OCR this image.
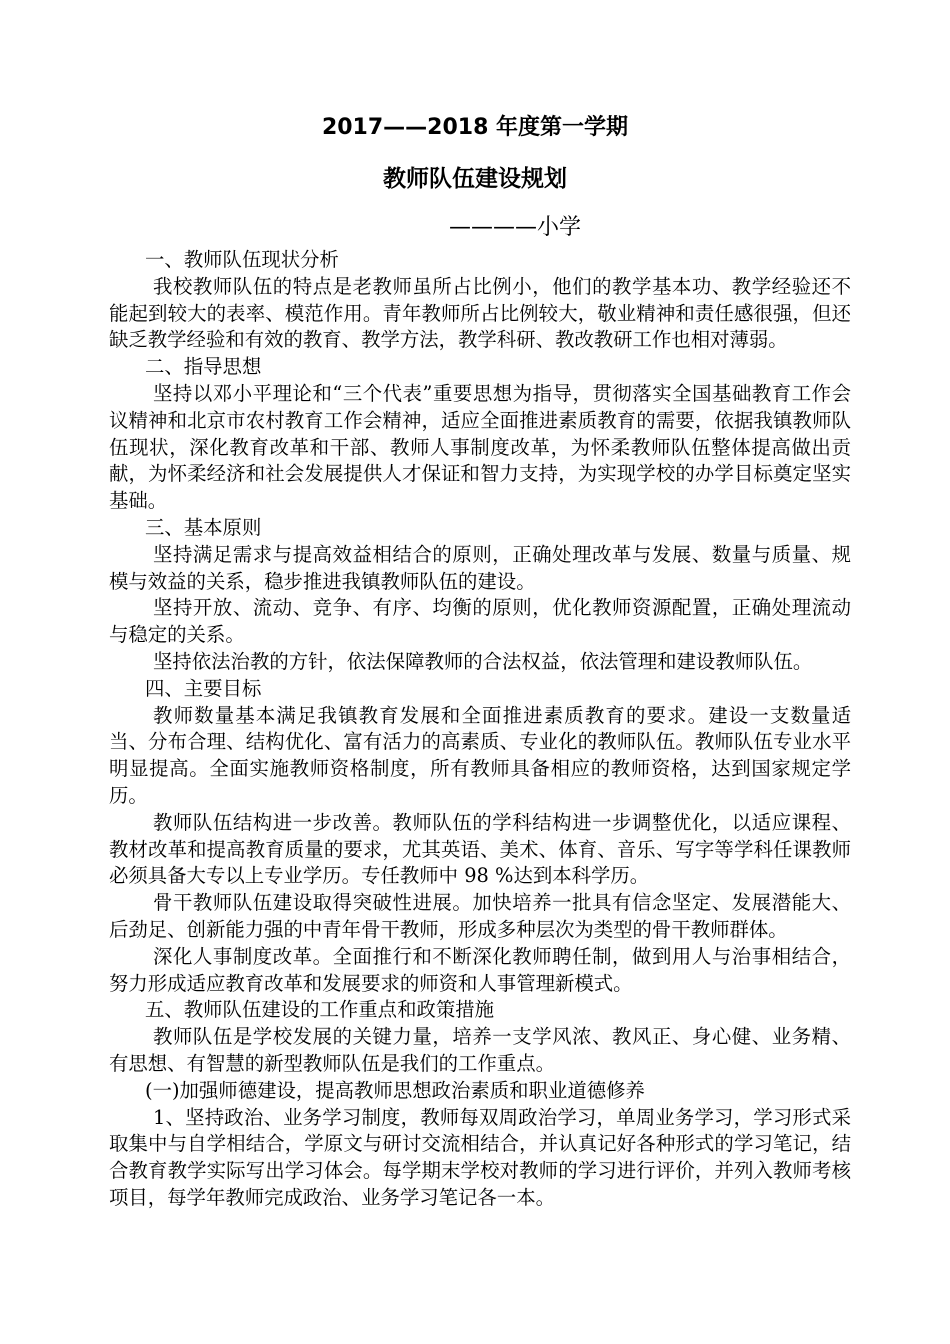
2017——2018 年度第一学期
教师队伍建设规划
————小学

一、教师队伍现状分析

我校教师队伍的特点是老教师虽所占比例小，他们的教学基本功、教学经验还不能起到较大的表率、模范作用。青年教师所占比例较大，敬业精神和责任感很强，但还缺乏教学经验和有效的教育、教学方法，教学科研、教改教研工作也相对薄弱。

二、指导思想

坚持以邓小平理论和“三个代表”重要思想为指导，贯彻落实全国基础教育工作会议精神和北京市农村教育工作会精神，适应全面推进素质教育的需要，依据我镇教师队伍现状，深化教育改革和干部、教师人事制度改革，为怀柔教师队伍整体提高做出贡献，为怀柔经济和社会发展提供人才保证和智力支持，为实现学校的办学目标奠定坚实基础。

三、基本原则

坚持满足需求与提高效益相结合的原则，正确处理改革与发展、数量与质量、规模与效益的关系，稳步推进我镇教师队伍的建设。

坚持开放、流动、竞争、有序、均衡的原则，优化教师资源配置，正确处理流动与稳定的关系。

坚持依法治教的方针，依法保障教师的合法权益，依法管理和建设教师队伍。

四、主要目标

教师数量基本满足我镇教育发展和全面推进素质教育的要求。建设一支数量适当、分布合理、结构优化、富有活力的高素质、专业化的教师队伍。教师队伍专业水平明显提高。全面实施教师资格制度，所有教师具备相应的教师资格，达到国家规定学历。

教师队伍结构进一步改善。教师队伍的学科结构进一步调整优化，以适应课程、教材改革和提高教育质量的要求，尤其英语、美术、体育、音乐、写字等学科任课教师必须具备大专以上专业学历。专任教师中 98 %达到本科学历。

骨干教师队伍建设取得突破性进展。加快培养一批具有信念坚定、发展潜能大、后劲足、创新能力强的中青年骨干教师，形成多种层次为类型的骨干教师群体。

深化人事制度改革。全面推行和不断深化教师聘任制，做到用人与治事相结合，努力形成适应教育改革和发展要求的师资和人事管理新模式。

五、教师队伍建设的工作重点和政策措施

教师队伍是学校发展的关键力量，培养一支学风浓、教风正、身心健、业务精、有思想、有智慧的新型教师队伍是我们的工作重点。

(一)加强师德建设，提高教师思想政治素质和职业道德修养

1、坚持政治、业务学习制度，教师每双周政治学习，单周业务学习，学习形式采取集中与自学相结合，学原文与研讨交流相结合，并认真记好各种形式的学习笔记，结合教育教学实际写出学习体会。每学期末学校对教师的学习进行评价，并列入教师考核项目，每学年教师完成政治、业务学习笔记各一本。
